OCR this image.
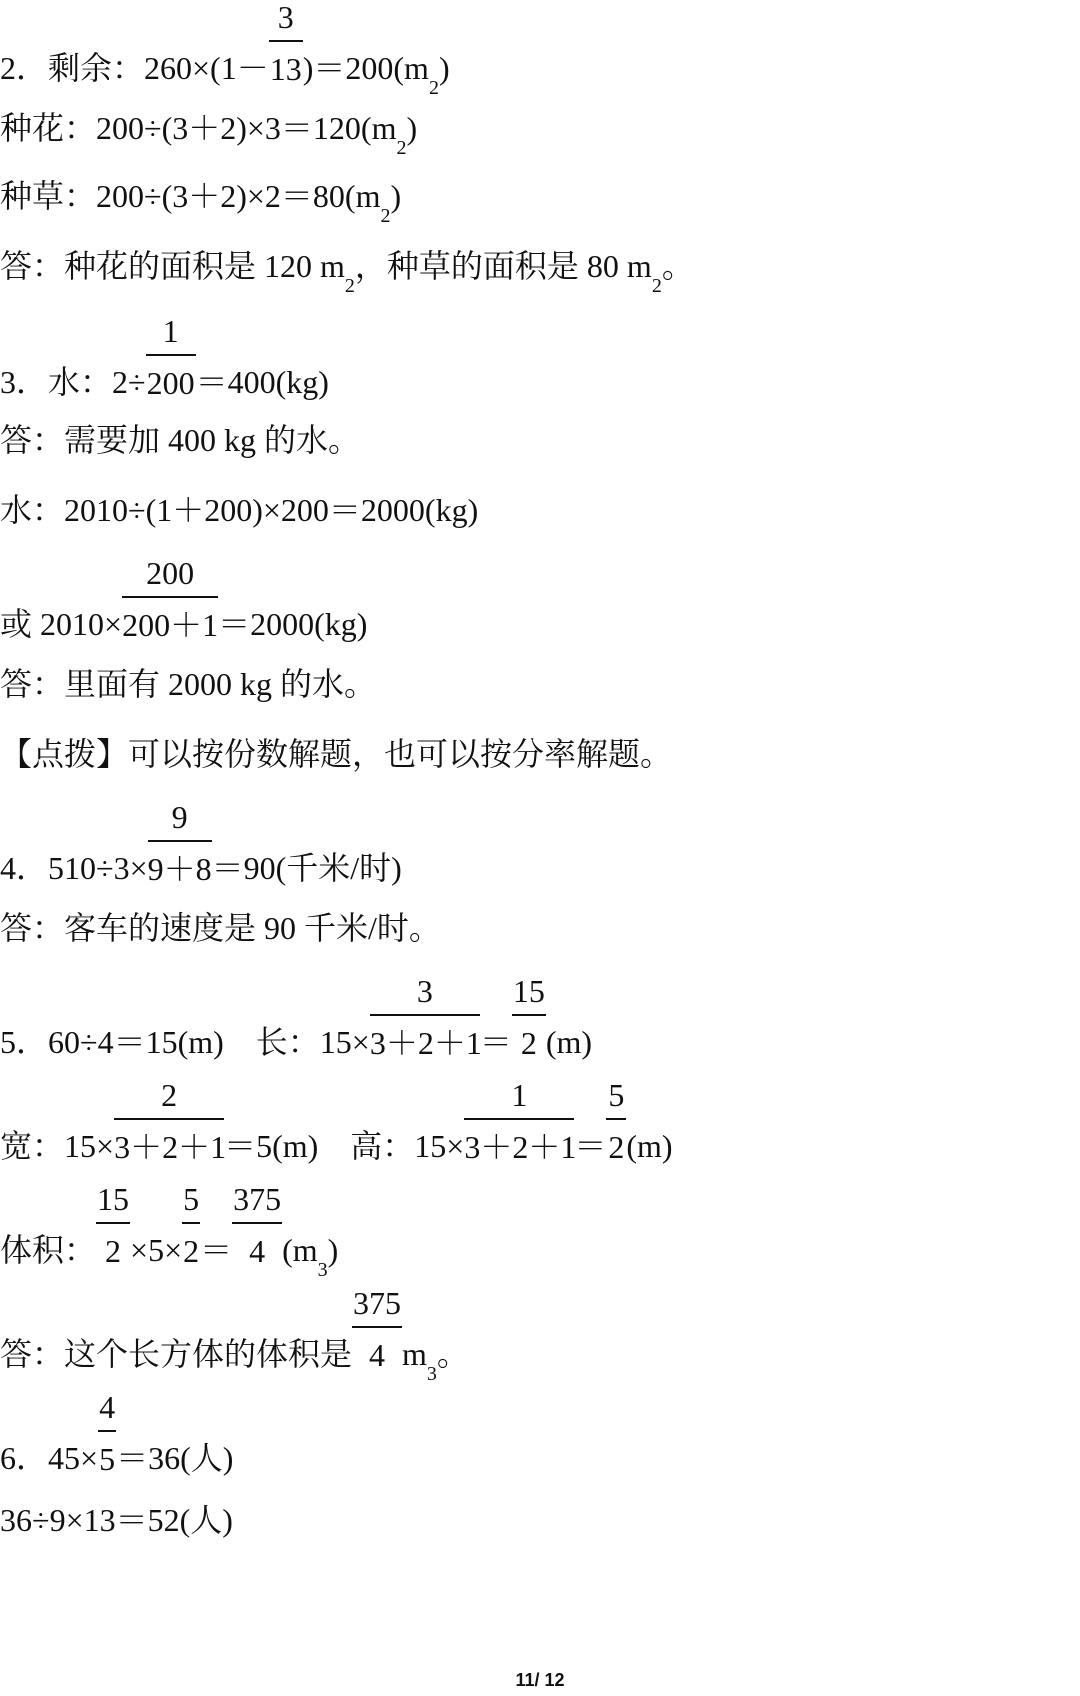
2．剩余：$260\times(1- \frac{3}{13} )=200(m$
2
)
种花：200÷(3＋2)×3＝120(m
2
)
种草：200÷(3＋2)×2＝80(m
2
)
答：种花的面积是 120 m
2
，种草的面积是 80 m
2
。
3．水：$2\div \frac{1}{200} =400(kg)$
答：需要加 400 kg 的水。
水：2010÷(1＋200)×200＝2000(kg)
或 $2010\times \frac{200}{200+1} =2000(kg)$
答：里面有 2000 kg 的水。
【点拨】可以按份数解题，也可以按分率解题。
4．$510\div 3\times \frac{9}{9+8} =90$(千米/时)
答：客车的速度是 90 千米/时。
5．60÷4＝15(m)　长：$15\times \frac{3}{3+2+1} = \frac{15}{2} (m)$
宽：$15\times \frac{2}{3+2+1} =5(m)$　高：$15\times \frac{1}{3+2+1} = \frac{5}{2} (m)$
体积： $\frac{15}{2} \times 5\times \frac{5}{2} = \frac{375}{4} (m$
3
)
答：这个长方体的体积是 $\frac{375}{4}$ m
3
。
6．$45\times \frac{4}{5} =36$(人)
36÷9×13＝52(人)
11/ 12
